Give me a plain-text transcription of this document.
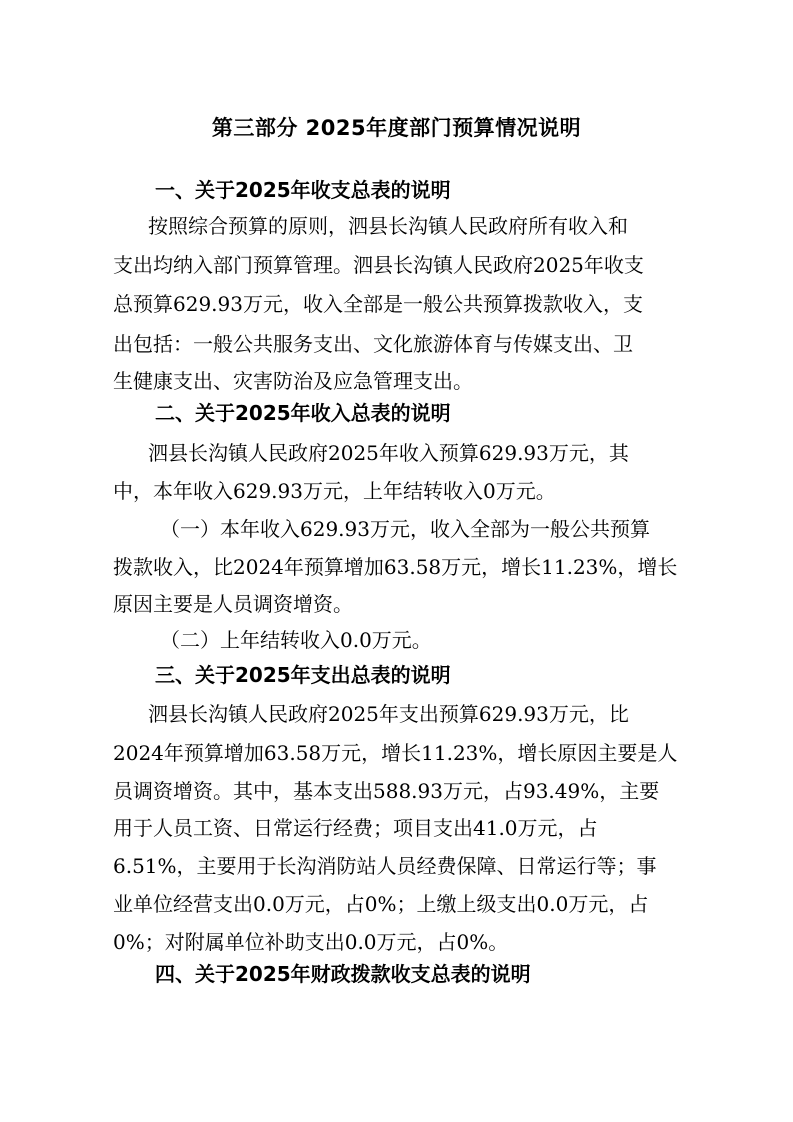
第三部分 2025年度部门预算情况说明
一、关于2025年收支总表的说明
按照综合预算的原则，泗县长沟镇人民政府所有收入和
支出均纳入部门预算管理。泗县长沟镇人民政府2025年收支
总预算629.93万元，收入全部是一般公共预算拨款收入，支
出包括：一般公共服务支出、文化旅游体育与传媒支出、卫
生健康支出、灾害防治及应急管理支出。
二、关于2025年收入总表的说明
泗县长沟镇人民政府2025年收入预算629.93万元，其
中，本年收入629.93万元，上年结转收入0万元。
（一）本年收入629.93万元，收入全部为一般公共预算
拨款收入，比2024年预算增加63.58万元，增长11.23%，增长
原因主要是人员调资增资。
（二）上年结转收入0.0万元。
三、关于2025年支出总表的说明
泗县长沟镇人民政府2025年支出预算629.93万元，比
2024年预算增加63.58万元，增长11.23%，增长原因主要是人
员调资增资。其中，基本支出588.93万元，占93.49%，主要
用于人员工资、日常运行经费；项目支出41.0万元，占
6.51%，主要用于长沟消防站人员经费保障、日常运行等；事
业单位经营支出0.0万元，占0%；上缴上级支出0.0万元，占
0%；对附属单位补助支出0.0万元，占0%。
四、关于2025年财政拨款收支总表的说明
